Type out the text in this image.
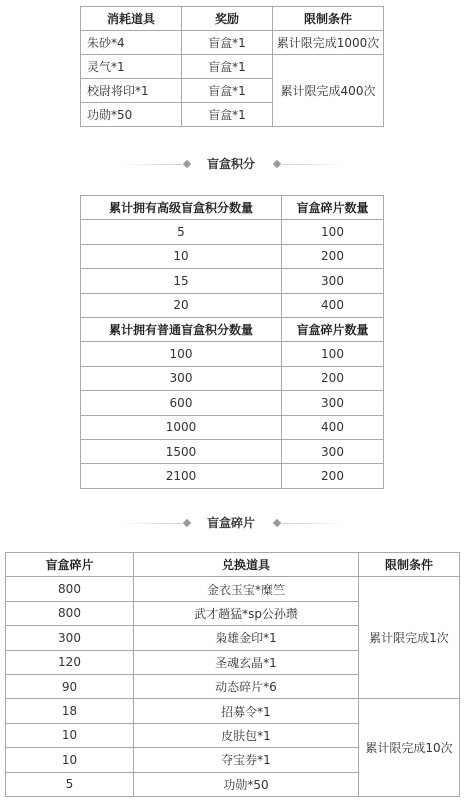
消耗道具	奖励	限制条件
朱砂*4	盲盒*1	累计限完成1000次
灵气*1	盲盒*1	累计限完成400次
校尉将印*1	盲盒*1	
功勋*50	盲盒*1	
盲盒积分
累计拥有高级盲盒积分数量	盲盒碎片数量
5	100
10	200
15	300
20	400
累计拥有普通盲盒积分数量	盲盒碎片数量
100	100
300	200
600	300
1000	400
1500	300
2100	200
盲盒碎片
盲盒碎片	兑换道具	限制条件
800	金衣玉宝*糜竺	累计限完成1次
800	武才趟猛*sp公孙瓒	
300	枭雄金印*1	
120	圣魂玄晶*1	
90	动态碎片*6	
18	招募令*1	累计限完成10次
10	皮肤包*1	
10	夺宝券*1	
5	功勋*50	
